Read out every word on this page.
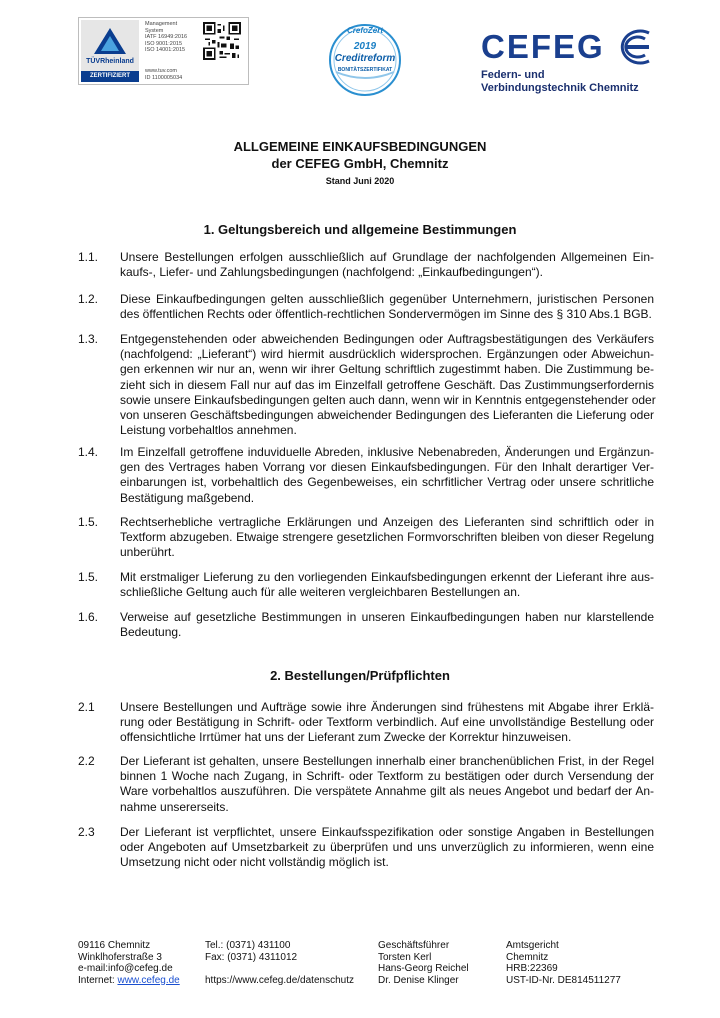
TÜVRheinland
ZERTIFIZIERT
Management
System
IATF 16949:2016
ISO 9001:2015
ISO 14001:2015
www.tuv.com
ID 1100005034
CrefoZert
2019
Creditreform
BONITÄTSZERTIFIKAT
CEFEG
Federn- und
Verbindungstechnik Chemnitz
ALLGEMEINE EINKAUFSBEDINGUNGEN
der CEFEG GmbH, Chemnitz
Stand Juni 2020
1. Geltungsbereich und allgemeine Bestimmungen
1.1. Unsere Bestellungen erfolgen ausschließlich auf Grundlage der nachfolgenden Allgemeinen Ein-
kaufs-, Liefer- und Zahlungsbedingungen (nachfolgend: „Einkaufbedingungen“).
1.2. Diese Einkaufbedingungen gelten ausschließlich gegenüber Unternehmern, juristischen Personen
des öffentlichen Rechts oder öffentlich-rechtlichen Sondervermögen im Sinne des § 310 Abs.1 BGB.
1.3. Entgegenstehenden oder abweichenden Bedingungen oder Auftragsbestätigungen des Verkäufers
(nachfolgend: „Lieferant“) wird hiermit ausdrücklich widersprochen. Ergänzungen oder Abweichun-
gen erkennen wir nur an, wenn wir ihrer Geltung schriftlich zugestimmt haben. Die Zustimmung be-
zieht sich in diesem Fall nur auf das im Einzelfall getroffene Geschäft. Das Zustimmungserfordernis
sowie unsere Einkaufsbedingungen gelten auch dann, wenn wir in Kenntnis entgegenstehender oder
von unseren Geschäftsbedingungen abweichender Bedingungen des Lieferanten die Lieferung oder
Leistung vorbehaltlos annehmen.
1.4. Im Einzelfall getroffene induviduelle Abreden, inklusive Nebenabreden, Änderungen und Ergänzun-
gen des Vertrages haben Vorrang vor diesen Einkaufsbedingungen. Für den Inhalt derartiger Ver-
einbarungen ist, vorbehaltlich des Gegenbeweises, ein schrfitlicher Vertrag oder unsere schritliche
Bestätigung maßgebend.
1.5. Rechtserhebliche vertragliche Erklärungen und Anzeigen des Lieferanten sind schriftlich oder in
Textform abzugeben. Etwaige strengere gesetzlichen Formvorschriften bleiben von dieser Regelung
unberührt.
1.5. Mit erstmaliger Lieferung zu den vorliegenden Einkaufsbedingungen erkennt der Lieferant ihre aus-
schließliche Geltung auch für alle weiteren vergleichbaren Bestellungen an.
1.6. Verweise auf gesetzliche Bestimmungen in unseren Einkaufbedingungen haben nur klarstellende
Bedeutung.
2. Bestellungen/Prüfpflichten
2.1 Unsere Bestellungen und Aufträge sowie ihre Änderungen sind frühestens mit Abgabe ihrer Erklä-
rung oder Bestätigung in Schrift- oder Textform verbindlich. Auf eine unvollständige Bestellung oder
offensichtliche Irrtümer hat uns der Lieferant zum Zwecke der Korrektur hinzuweisen.
2.2 Der Lieferant ist gehalten, unsere Bestellungen innerhalb einer branchenüblichen Frist, in der Regel
binnen 1 Woche nach Zugang, in Schrift- oder Textform zu bestätigen oder durch Versendung der
Ware vorbehaltlos auszuführen. Die verspätete Annahme gilt als neues Angebot und bedarf der An-
nahme unsererseits.
2.3 Der Lieferant ist verpflichtet, unsere Einkaufsspezifikation oder sonstige Angaben in Bestellungen
oder Angeboten auf Umsetzbarkeit zu überprüfen und uns unverzüglich zu informieren, wenn eine
Umsetzung nicht oder nicht vollständig möglich ist.
09116 Chemnitz
Winklhoferstraße 3
e-mail:info@cefeg.de
Internet: www.cefeg.de
Tel.: (0371) 431100
Fax: (0371) 4311012

https://www.cefeg.de/datenschutz
Geschäftsführer
Torsten Kerl
Hans-Georg Reichel
Dr. Denise Klinger
Amtsgericht
Chemnitz
HRB:22369
UST-ID-Nr. DE814511277
